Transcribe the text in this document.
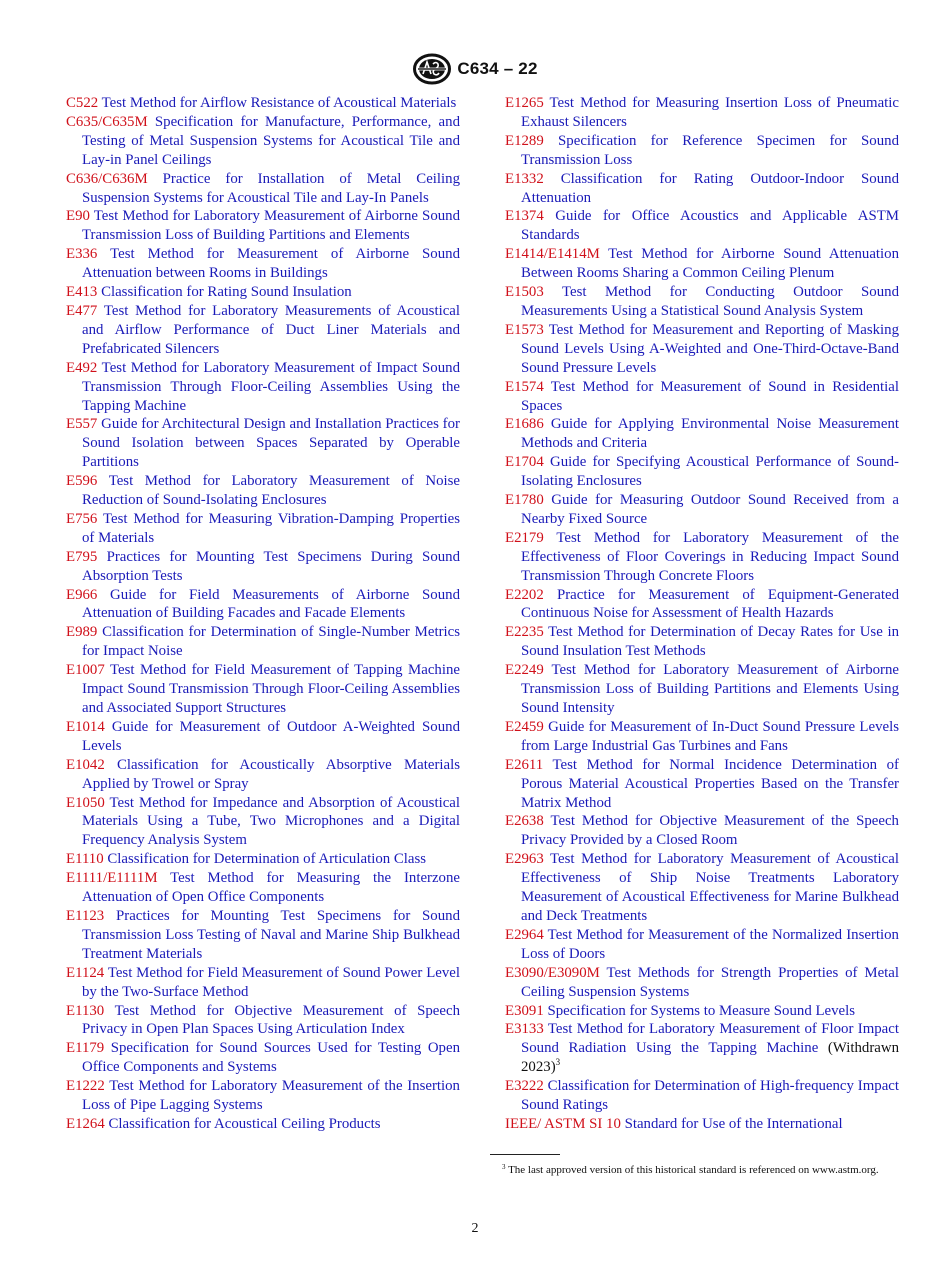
C634 – 22
C522 Test Method for Airflow Resistance of Acoustical Materials
C635/C635M Specification for Manufacture, Performance, and Testing of Metal Suspension Systems for Acoustical Tile and Lay-in Panel Ceilings
C636/C636M Practice for Installation of Metal Ceiling Suspension Systems for Acoustical Tile and Lay-In Panels
E90 Test Method for Laboratory Measurement of Airborne Sound Transmission Loss of Building Partitions and Elements
E336 Test Method for Measurement of Airborne Sound Attenuation between Rooms in Buildings
E413 Classification for Rating Sound Insulation
E477 Test Method for Laboratory Measurements of Acoustical and Airflow Performance of Duct Liner Materials and Prefabricated Silencers
E492 Test Method for Laboratory Measurement of Impact Sound Transmission Through Floor-Ceiling Assemblies Using the Tapping Machine
E557 Guide for Architectural Design and Installation Practices for Sound Isolation between Spaces Separated by Operable Partitions
E596 Test Method for Laboratory Measurement of Noise Reduction of Sound-Isolating Enclosures
E756 Test Method for Measuring Vibration-Damping Properties of Materials
E795 Practices for Mounting Test Specimens During Sound Absorption Tests
E966 Guide for Field Measurements of Airborne Sound Attenuation of Building Facades and Facade Elements
E989 Classification for Determination of Single-Number Metrics for Impact Noise
E1007 Test Method for Field Measurement of Tapping Machine Impact Sound Transmission Through Floor-Ceiling Assemblies and Associated Support Structures
E1014 Guide for Measurement of Outdoor A-Weighted Sound Levels
E1042 Classification for Acoustically Absorptive Materials Applied by Trowel or Spray
E1050 Test Method for Impedance and Absorption of Acoustical Materials Using a Tube, Two Microphones and a Digital Frequency Analysis System
E1110 Classification for Determination of Articulation Class
E1111/E1111M Test Method for Measuring the Interzone Attenuation of Open Office Components
E1123 Practices for Mounting Test Specimens for Sound Transmission Loss Testing of Naval and Marine Ship Bulkhead Treatment Materials
E1124 Test Method for Field Measurement of Sound Power Level by the Two-Surface Method
E1130 Test Method for Objective Measurement of Speech Privacy in Open Plan Spaces Using Articulation Index
E1179 Specification for Sound Sources Used for Testing Open Office Components and Systems
E1222 Test Method for Laboratory Measurement of the Insertion Loss of Pipe Lagging Systems
E1264 Classification for Acoustical Ceiling Products
E1265 Test Method for Measuring Insertion Loss of Pneumatic Exhaust Silencers
E1289 Specification for Reference Specimen for Sound Transmission Loss
E1332 Classification for Rating Outdoor-Indoor Sound Attenuation
E1374 Guide for Office Acoustics and Applicable ASTM Standards
E1414/E1414M Test Method for Airborne Sound Attenuation Between Rooms Sharing a Common Ceiling Plenum
E1503 Test Method for Conducting Outdoor Sound Measurements Using a Statistical Sound Analysis System
E1573 Test Method for Measurement and Reporting of Masking Sound Levels Using A-Weighted and One-Third-Octave-Band Sound Pressure Levels
E1574 Test Method for Measurement of Sound in Residential Spaces
E1686 Guide for Applying Environmental Noise Measurement Methods and Criteria
E1704 Guide for Specifying Acoustical Performance of Sound-Isolating Enclosures
E1780 Guide for Measuring Outdoor Sound Received from a Nearby Fixed Source
E2179 Test Method for Laboratory Measurement of the Effectiveness of Floor Coverings in Reducing Impact Sound Transmission Through Concrete Floors
E2202 Practice for Measurement of Equipment-Generated Continuous Noise for Assessment of Health Hazards
E2235 Test Method for Determination of Decay Rates for Use in Sound Insulation Test Methods
E2249 Test Method for Laboratory Measurement of Airborne Transmission Loss of Building Partitions and Elements Using Sound Intensity
E2459 Guide for Measurement of In-Duct Sound Pressure Levels from Large Industrial Gas Turbines and Fans
E2611 Test Method for Normal Incidence Determination of Porous Material Acoustical Properties Based on the Transfer Matrix Method
E2638 Test Method for Objective Measurement of the Speech Privacy Provided by a Closed Room
E2963 Test Method for Laboratory Measurement of Acoustical Effectiveness of Ship Noise Treatments Laboratory Measurement of Acoustical Effectiveness for Marine Bulkhead and Deck Treatments
E2964 Test Method for Measurement of the Normalized Insertion Loss of Doors
E3090/E3090M Test Methods for Strength Properties of Metal Ceiling Suspension Systems
E3091 Specification for Systems to Measure Sound Levels
E3133 Test Method for Laboratory Measurement of Floor Impact Sound Radiation Using the Tapping Machine (Withdrawn 2023)$^3$
E3222 Classification for Determination of High-frequency Impact Sound Ratings
IEEE/ ASTM SI 10 Standard for Use of the International
$^3$ The last approved version of this historical standard is referenced on www.astm.org.
2
